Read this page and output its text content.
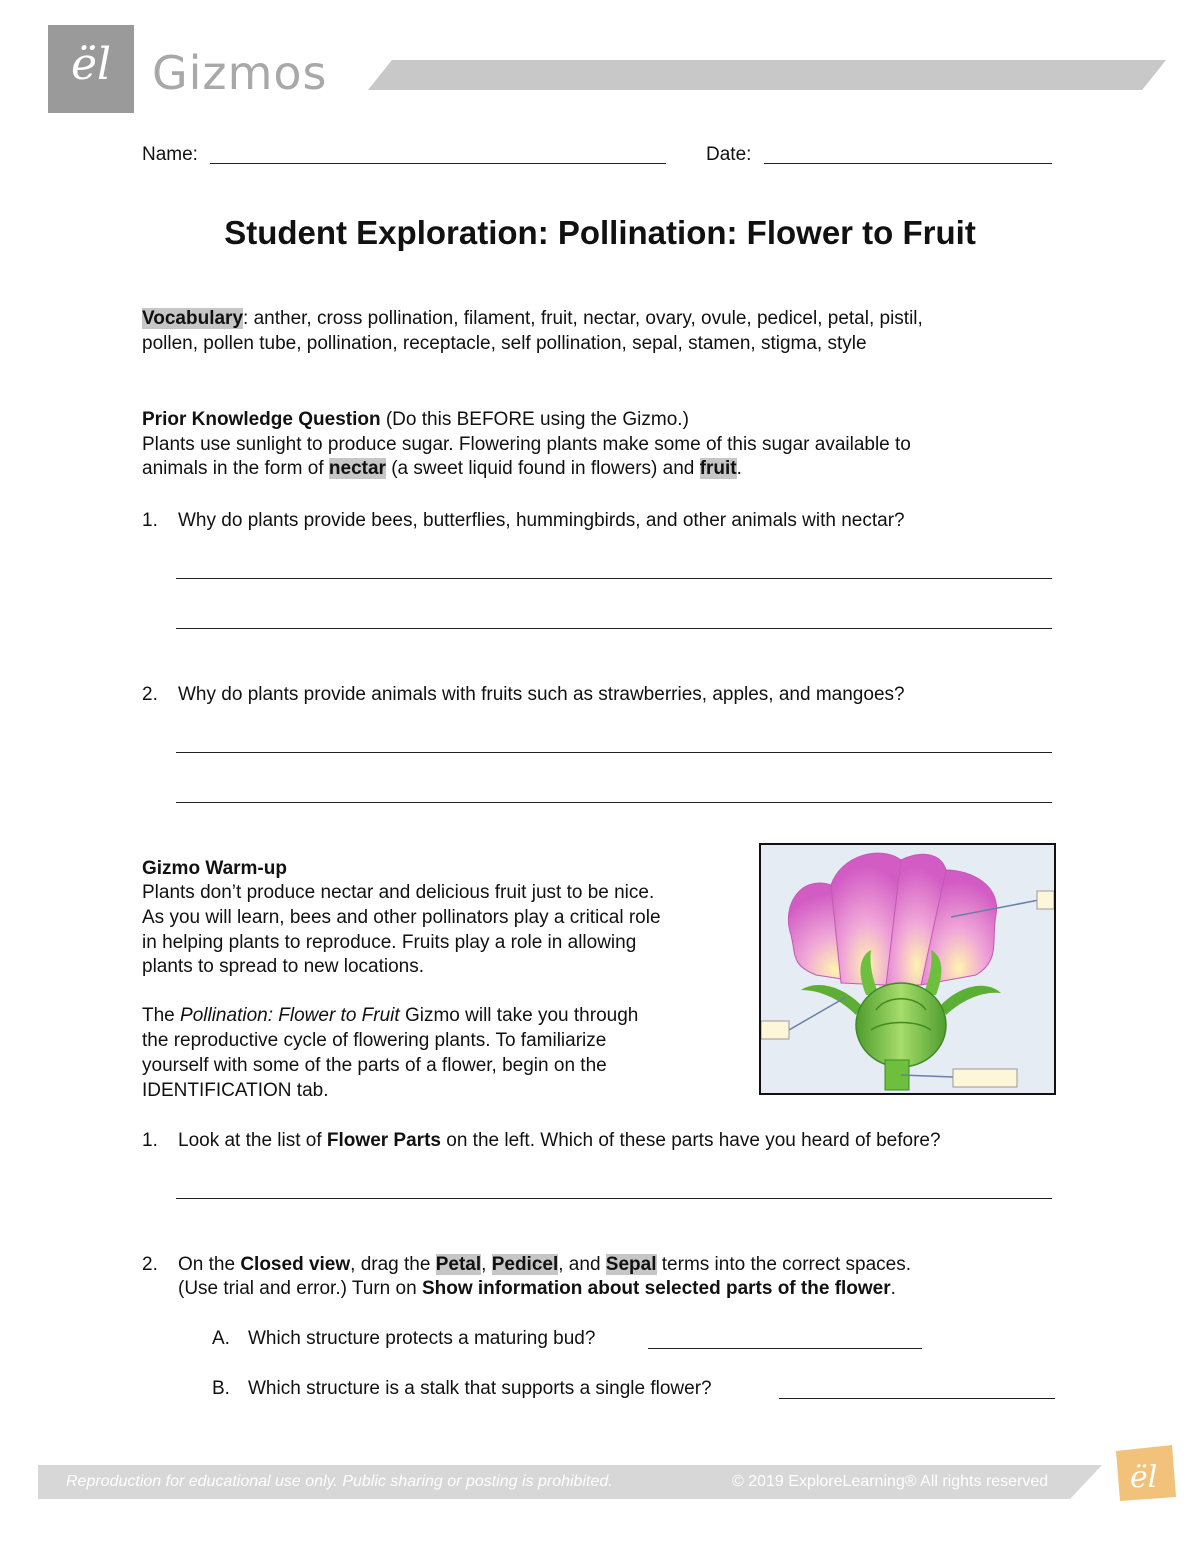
ël Gizmos
Name:	Date:
Student Exploration: Pollination: Flower to Fruit
Vocabulary: anther, cross pollination, filament, fruit, nectar, ovary, ovule, pedicel, petal, pistil,
pollen, pollen tube, pollination, receptacle, self pollination, sepal, stamen, stigma, style
Prior Knowledge Question (Do this BEFORE using the Gizmo.)
Plants use sunlight to produce sugar. Flowering plants make some of this sugar available to
animals in the form of nectar (a sweet liquid found in flowers) and fruit.
1. Why do plants provide bees, butterflies, hummingbirds, and other animals with nectar?
2. Why do plants provide animals with fruits such as strawberries, apples, and mangoes?
Gizmo Warm-up
Plants don’t produce nectar and delicious fruit just to be nice.
As you will learn, bees and other pollinators play a critical role
in helping plants to reproduce. Fruits play a role in allowing
plants to spread to new locations.
The Pollination: Flower to Fruit Gizmo will take you through
the reproductive cycle of flowering plants. To familiarize
yourself with some of the parts of a flower, begin on the
IDENTIFICATION tab.
1. Look at the list of Flower Parts on the left. Which of these parts have you heard of before?
2. On the Closed view, drag the Petal, Pedicel, and Sepal terms into the correct spaces.
(Use trial and error.) Turn on Show information about selected parts of the flower.
A. Which structure protects a maturing bud?
B. Which structure is a stalk that supports a single flower?
Reproduction for educational use only. Public sharing or posting is prohibited.	© 2019 ExploreLearning® All rights reserved	ël
